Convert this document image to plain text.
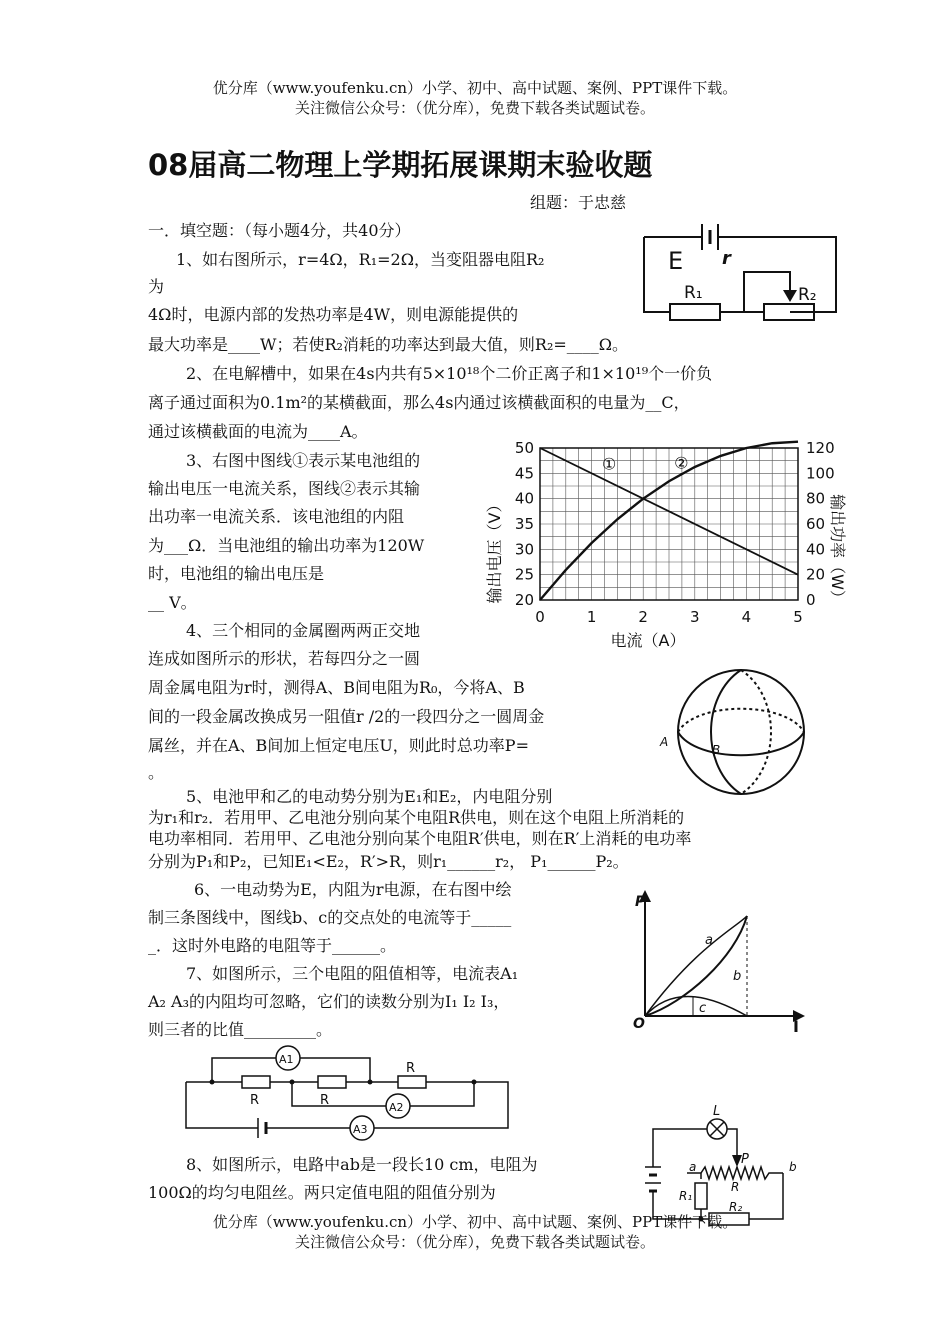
优分库（www.youfenku.cn）小学、初中、高中试题、案例、PPT课件下载。
关注微信公众号：（优分库），免费下载各类试题试卷。
08届高二物理上学期拓展课期末验收题
组题：于忠慈
一．填空题：（每小题4分，共40分）
1、如右图所示，r=4Ω，R₁=2Ω，当变阻器电阻R₂
为
4Ω时，电源内部的发热功率是4W，则电源能提供的
最大功率是____W；若使R₂消耗的功率达到最大值，则R₂=____Ω。
2、在电解槽中，如果在4s内共有5×10¹⁸个二价正离子和1×10¹⁹个一价负
离子通过面积为0.1m²的某横截面，那么4s内通过该横截面积的电量为__C，
通过该横截面的电流为____A。
3、右图中图线①表示某电池组的
输出电压一电流关系，图线②表示其输
出功率一电流关系．该电池组的内阻
为___Ω．当电池组的输出功率为120W
时，电池组的输出电压是
__ V。
4、三个相同的金属圈两两正交地
连成如图所示的形状，若每四分之一圆
周金属电阻为r时，测得A、B间电阻为R₀，今将A、B
间的一段金属改换成另一阻值r /2的一段四分之一圆周金
属丝，并在A、B间加上恒定电压U，则此时总功率P=
。
5、电池甲和乙的电动势分别为E₁和E₂，内电阻分别
为r₁和r₂．若用甲、乙电池分别向某个电阻R供电，则在这个电阻上所消耗的
电功率相同．若用甲、乙电池分别向某个电阻R′供电，则在R′上消耗的电功率
分别为P₁和P₂，已知E₁<E₂，R′>R，则r₁______r₂， P₁______P₂。
6、一电动势为E，内阻为r电源，在右图中绘
制三条图线中，图线b、c的交点处的电流等于_____
_．这时外电路的电阻等于______。
7、如图所示，三个电阻的阻值相等，电流表A₁
A₂ A₃的内阻均可忽略，它们的读数分别为I₁ I₂ I₃，
则三者的比值_________。
8、如图所示，电路中ab是一段长10 cm，电阻为
100Ω的均匀电阻丝。两只定值电阻的阻值分别为
E r
R₁	R₂
输出电压（V）	输出功率（W）
电流（A）
0	1	2	3	4	5
20
25
30
35
40
45
50
0
20
40
60
80
100
120
①	②
A
B
P
I
O
a
b
c
A1
A2
A3
R	R
R
L
P
a	b
R
R₁
R₂
优分库（www.youfenku.cn）小学、初中、高中试题、案例、PPT课件下载。
关注微信公众号：（优分库），免费下载各类试题试卷。
